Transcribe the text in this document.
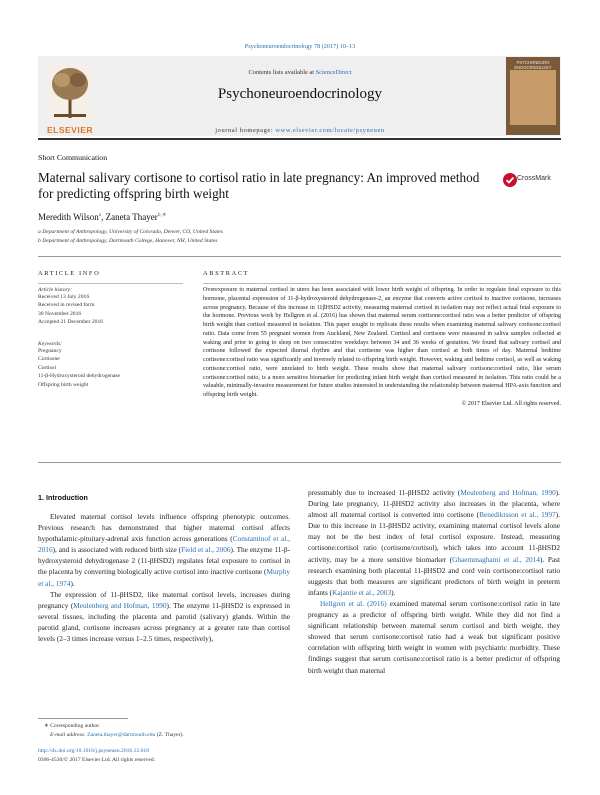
Psychoneuroendocrinology 78 (2017) 10–13
ELSEVIER
Contents lists available at ScienceDirect
Psychoneuroendocrinology
journal homepage: www.elsevier.com/locate/psyneuen
PSYCHONEURO ENDOCRINOLOGY
Short Communication
Maternal salivary cortisone to cortisol ratio in late pregnancy: An improved method for predicting offspring birth weight
CrossMark
Meredith Wilson$^a$, Zaneta Thayer$^{b,∗}$
a Department of Anthropology, University of Colorado, Denver, CO, United States
b Department of Anthropology, Dartmouth College, Hanover, NH, United States
ARTICLE INFO	ABSTRACT
Article history:
Received 13 July 2016
Received in revised form
30 November 2016
Accepted 21 December 2016
Keywords:
Pregnancy
Cortisone
Cortisol
11-β-Hydroxysteroid dehydrogenase
Offspring birth weight
Overexposure to maternal cortisol in utero has been associated with lower birth weight of offspring. In order to regulate fetal exposure to this hormone, placental expression of 11-β-hydroxysteroid dehydrogenase-2, an enzyme that converts active cortisol to inactive cortisone, increases across pregnancy. Because of this increase in 11βHSD2 activity, measuring maternal cortisol in isolation may not reflect actual fetal exposure to the hormone. Previous work by Hellgren et al. (2016) has shown that maternal serum cortisone:cortisol ratio was a better predictor of offspring birth weight than cortisol measured in isolation. This paper sought to replicate these results when examining maternal salivary cortisone:cortisol ratio. Data come from 55 pregnant women from Auckland, New Zealand. Cortisol and cortisone were measured in saliva samples collected at waking and prior to going to sleep on two consecutive weekdays between 34 and 36 weeks of gestation. We found that salivary cortisol and cortisone followed the expected diurnal rhythm and that cortisone was higher than cortisol at both times of day. Maternal bedtime cortisone:cortisol ratio was significantly and inversely related to offspring birth weight. However, waking and bedtime cortisol, as well as waking cortisone:cortisol ratio, were unrelated to birth weight. These results show that maternal salivary cortisone:cortisol ratio, like serum cortisone:cortisol ratio, is a more sensitive biomarker for predicting infant birth weight than cortisol measured in isolation. This ratio could be a valuable, minimally-invasive measurement for future studies interested in understanding the relationship between maternal HPA-axis function and offspring birth weight.
© 2017 Elsevier Ltd. All rights reserved.
1. Introduction

Elevated maternal cortisol levels influence offspring phenotypic outcomes. Previous research has demonstrated that higher maternal cortisol affects hypothalamic-pituitary-adrenal axis function across generations (Constantinof et al., 2016), and is associated with reduced birth size (Field et al., 2006). The enzyme 11-β-hydroxysteroid dehydrogenase 2 (11-βHSD2) regulates fetal exposure to cortisol in the placenta by converting biologically active cortisol into inactive cortisone (Murphy et al., 1974).

The expression of 11-βHSD2, like maternal cortisol levels, increases during pregnancy (Meulenberg and Hofman, 1990). The enzyme 11-βHSD2 is expressed in several tissues, including the placenta and parotid (salivary) glands. Within the parotid gland, cortisone increases across pregnancy at a greater rate than cortisol levels (2–3 times increase versus 1–2.5 times, respectively),

presumably due to increased 11-βHSD2 activity (Meulenberg and Hofman, 1990). During late pregnancy, 11-βHSD2 activity also increases in the placenta, where almost all maternal cortisol is converted into cortisone (Benediktsson et al., 1997). Due to this increase in 11-βHSD2 activity, examining maternal cortisol levels alone may not be the best index of fetal cortisol exposure. Instead, measuring cortisone:cortisol ratio (cortisone/cortisol), which takes into account 11-βHSD2 activity, may be a more sensitive biomarker (Ghaemmaghami et al., 2014). Past research examining both placental 11-βHSD2 and cord vein cortisone:cortisol ratio suggests that both measures are significant predictors of birth weight in preterm infants (Kajantie et al., 2003).

Hellgren et al. (2016) examined maternal serum cortisone:cortisol ratio in late pregnancy as a predictor of offspring birth weight. While they did not find a significant relationship between maternal serum cortisol and birth weight, they showed that serum cortisone:cortisol ratio had a weak but significant positive correlation with offspring birth weight in women with psychiatric morbidity. These findings suggest that serum cortisone:cortisol ratio is a better predictor of offspring birth weight than maternal

∗ Corresponding author.
E-mail address: Zaneta.thayer@dartmouth.edu (Z. Thayer).
http://dx.doi.org/10.1016/j.psyneuen.2016.12.018
0306-4530/© 2017 Elsevier Ltd. All rights reserved.
